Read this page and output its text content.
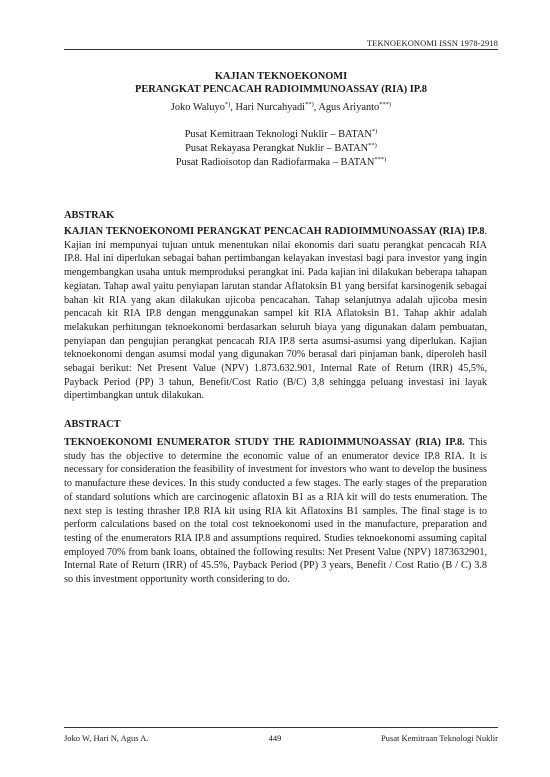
TEKNOEKONOMI ISSN 1978-2918
KAJIAN TEKNOEKONOMI
PERANGKAT PENCACAH RADIOIMMUNOASSAY (RIA) IP.8
Joko Waluyo*), Hari Nurcahyadi**), Agus Ariyanto***)
Pusat Kemitraan Teknologi Nuklir – BATAN*)
Pusat Rekayasa Perangkat Nuklir – BATAN**)
Pusat Radioisotop dan Radiofarmaka – BATAN***)
ABSTRAK

KAJIAN TEKNOEKONOMI PERANGKAT PENCACAH RADIOIMMUNOASSAY (RIA) IP.8. Kajian ini mempunyai tujuan untuk menentukan nilai ekonomis dari suatu perangkat pencacah RIA IP.8. Hal ini diperlukan sebagai bahan pertimbangan kelayakan investasi bagi para investor yang ingin mengembangkan usaha untuk memproduksi perangkat ini. Pada kajian ini dilakukan beberapa tahapan kegiatan. Tahap awal yaitu penyiapan larutan standar Aflatoksin B1 yang bersifat karsinogenik sebagai bahan kit RIA yang akan dilakukan ujicoba pencacahan. Tahap selanjutnya adalah ujicoba mesin pencacah kit RIA IP.8 dengan menggunakan sampel kit RIA Aflatoksin B1. Tahap akhir adalah melakukan perhitungan teknoekonomi berdasarkan seluruh biaya yang digunakan dalam pembuatan, penyiapan dan pengujian perangkat pencacah RIA IP.8 serta asumsi-asumsi yang diperlukan. Kajian teknoekonomi dengan asumsi modal yang digunakan 70% berasal dari pinjaman bank, diperoleh hasil sebagai berikut: Net Present Value (NPV) 1.873.632.901, Internal Rate of Return (IRR) 45,5%, Payback Period (PP) 3 tahun, Benefit/Cost Ratio (B/C) 3,8 sehingga peluang investasi ini layak dipertimbangkan untuk dilakukan.

ABSTRACT

TEKNOEKONOMI ENUMERATOR STUDY THE RADIOIMMUNOASSAY (RIA) IP.8. This study has the objective to determine the economic value of an enumerator device IP.8 RIA. It is necessary for consideration the feasibility of investment for investors who want to develop the business to manufacture these devices. In this study conducted a few stages. The early stages of the preparation of standard solutions which are carcinogenic aflatoxin B1 as a RIA kit will do tests enumeration. The next step is testing thrasher IP.8 RIA kit using RIA kit Aflatoxins B1 samples. The final stage is to perform calculations based on the total cost teknoekonomi used in the manufacture, preparation and testing of the enumerators RIA IP.8 and assumptions required. Studies teknoekonomi assuming capital employed 70% from bank loans, obtained the following results: Net Present Value (NPV) 1873632901, Internal Rate of Return (IRR) of 45.5%, Payback Period (PP) 3 years, Benefit / Cost Ratio (B / C) 3.8 so this investment opportunity worth considering to do.

Joko W, Hari N, Agus A.	449	Pusat Kemitraan Teknologi Nuklir
